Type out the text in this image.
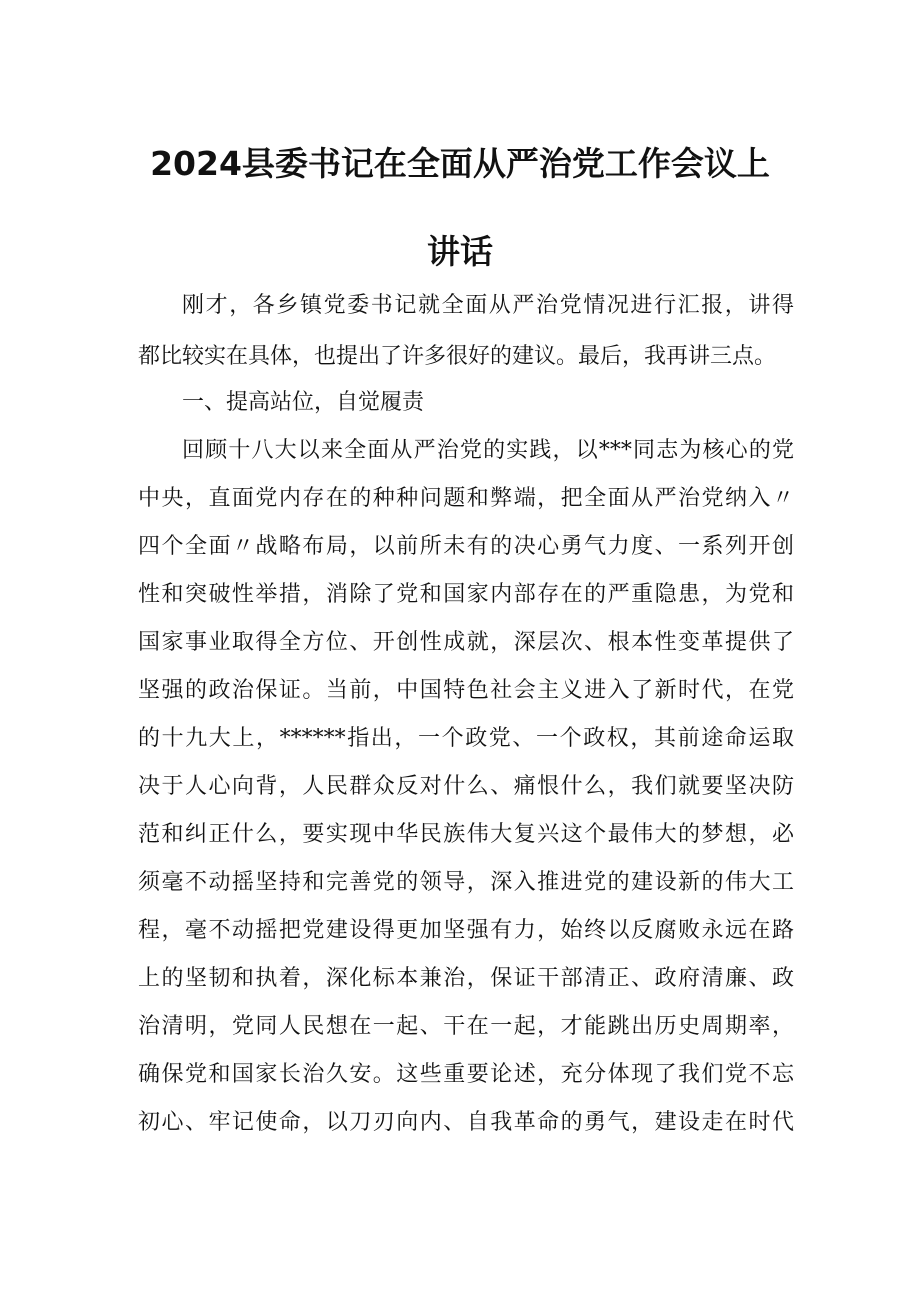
2024县委书记在全面从严治党工作会议上
讲话

刚才，各乡镇党委书记就全面从严治党情况进行汇报，讲得

都比较实在具体，也提出了许多很好的建议。最后，我再讲三点。

一、提高站位，自觉履责

回顾十八大以来全面从严治党的实践，以***同志为核心的党

中央，直面党内存在的种种问题和弊端，把全面从严治党纳入〃

四个全面〃战略布局，以前所未有的决心勇气力度、一系列开创

性和突破性举措，消除了党和国家内部存在的严重隐患，为党和

国家事业取得全方位、开创性成就，深层次、根本性变革提供了

坚强的政治保证。当前，中国特色社会主义进入了新时代，在党

的十九大上，******指出，一个政党、一个政权，其前途命运取

决于人心向背，人民群众反对什么、痛恨什么，我们就要坚决防

范和纠正什么，要实现中华民族伟大复兴这个最伟大的梦想，必

须毫不动摇坚持和完善党的领导，深入推进党的建设新的伟大工

程，毫不动摇把党建设得更加坚强有力，始终以反腐败永远在路

上的坚韧和执着，深化标本兼治，保证干部清正、政府清廉、政

治清明，党同人民想在一起、干在一起，才能跳出历史周期率，

确保党和国家长治久安。这些重要论述，充分体现了我们党不忘

初心、牢记使命，以刀刃向内、自我革命的勇气，建设走在时代
